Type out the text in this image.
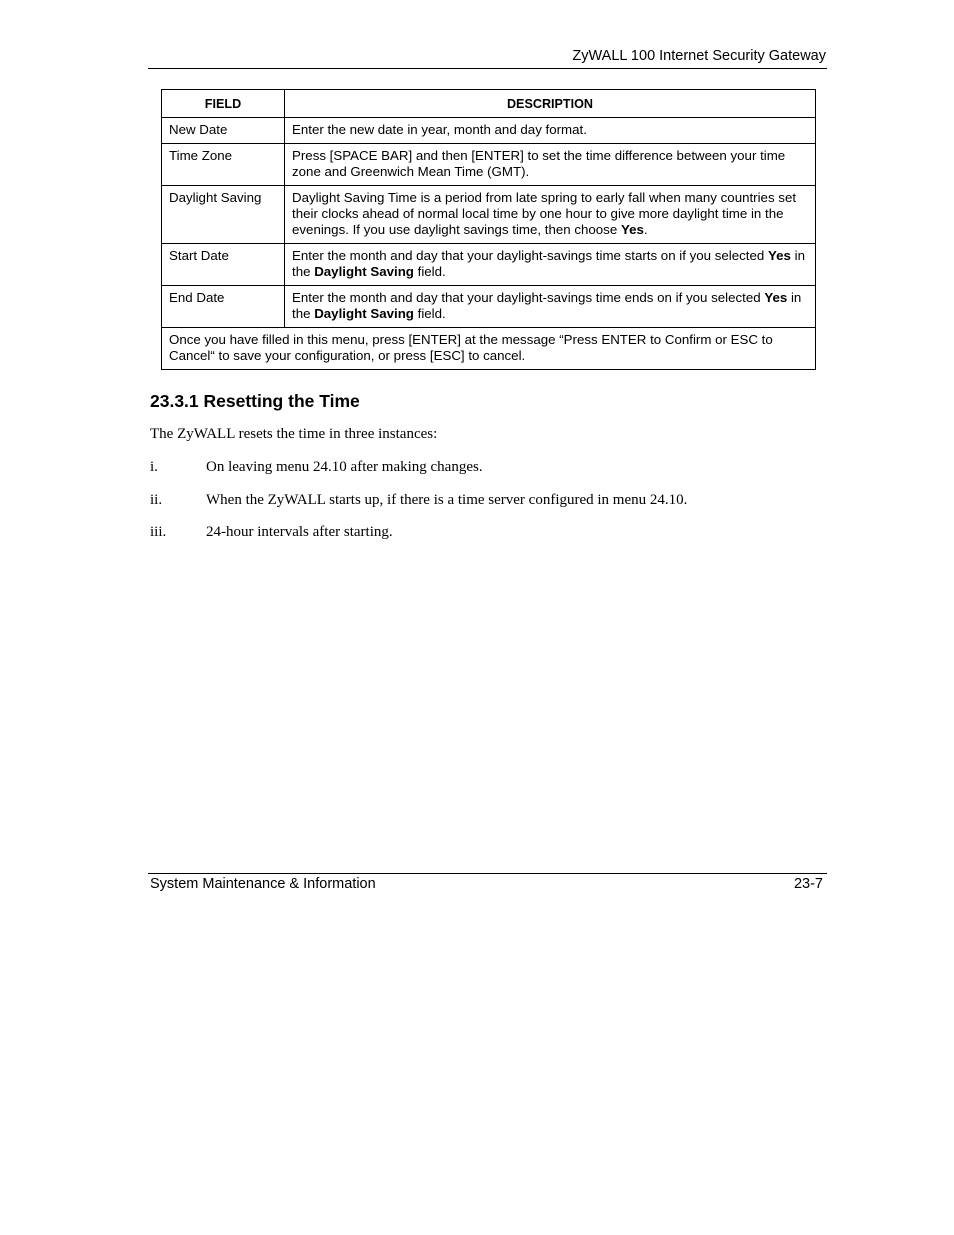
ZyWALL 100 Internet Security Gateway
FIELD	DESCRIPTION
New Date	Enter the new date in year, month and day format.
Time Zone	Press [SPACE BAR] and then [ENTER] to set the time difference between your time zone and Greenwich Mean Time (GMT).
Daylight Saving	Daylight Saving Time is a period from late spring to early fall when many countries set their clocks ahead of normal local time by one hour to give more daylight time in the evenings. If you use daylight savings time, then choose Yes.
Start Date	Enter the month and day that your daylight-savings time starts on if you selected Yes in the Daylight Saving field.
End Date	Enter the month and day that your daylight-savings time ends on if you selected Yes in the Daylight Saving field.
Once you have filled in this menu, press [ENTER] at the message “Press ENTER to Confirm or ESC to Cancel“ to save your configuration, or press [ESC] to cancel.	
23.3.1 Resetting the Time

The ZyWALL resets the time in three instances:

i.	On leaving menu 24.10 after making changes.
ii.	When the ZyWALL starts up, if there is a time server configured in menu 24.10.
iii.	24-hour intervals after starting.
System Maintenance & Information	23-7
